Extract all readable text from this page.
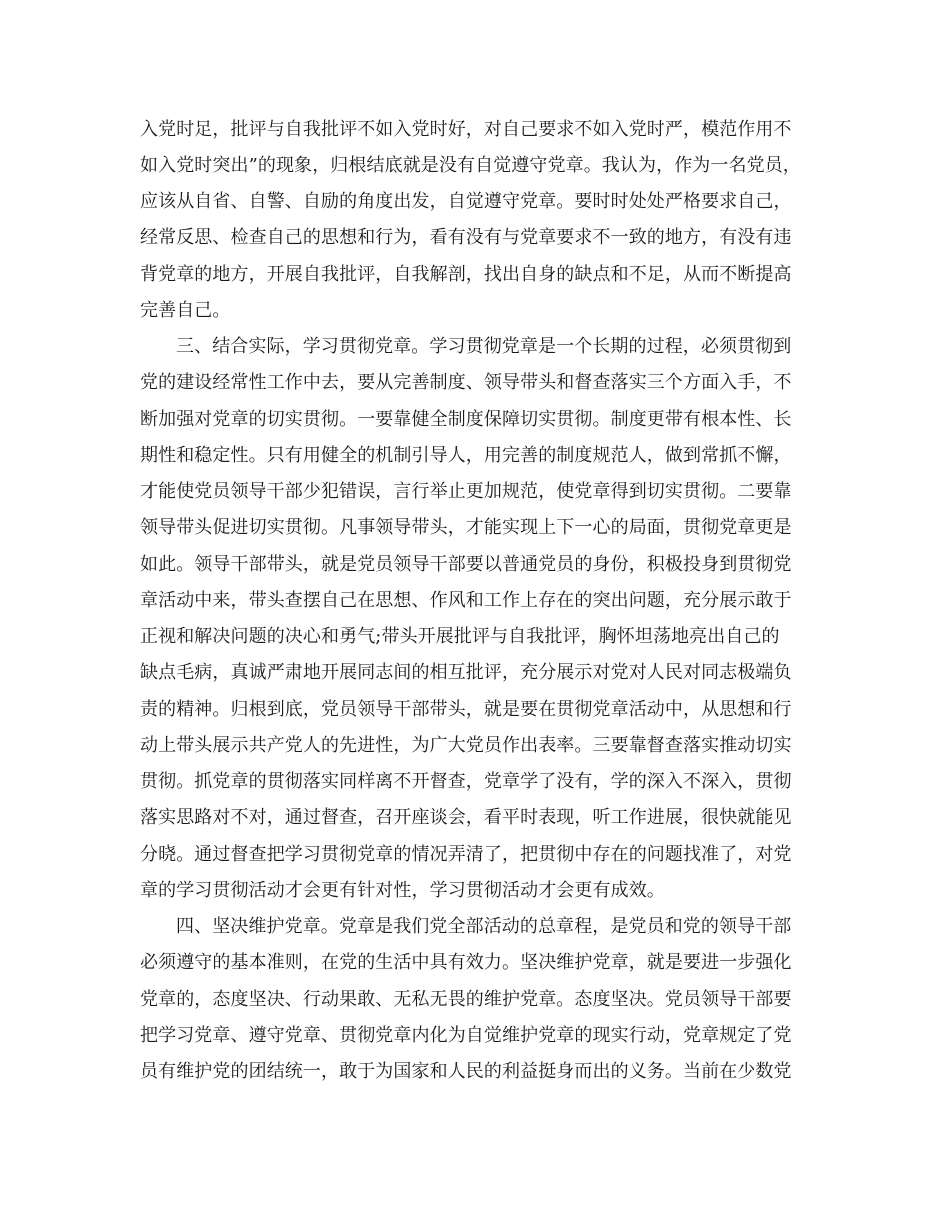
入党时足，批评与自我批评不如入党时好，对自己要求不如入党时严，模范作用不
如入党时突出”的现象，归根结底就是没有自觉遵守党章。我认为，作为一名党员，
应该从自省、自警、自励的角度出发，自觉遵守党章。要时时处处严格要求自己，
经常反思、检查自己的思想和行为，看有没有与党章要求不一致的地方，有没有违
背党章的地方，开展自我批评，自我解剖，找出自身的缺点和不足，从而不断提高
完善自己。
三、结合实际，学习贯彻党章。学习贯彻党章是一个长期的过程，必须贯彻到
党的建设经常性工作中去，要从完善制度、领导带头和督查落实三个方面入手，不
断加强对党章的切实贯彻。一要靠健全制度保障切实贯彻。制度更带有根本性、长
期性和稳定性。只有用健全的机制引导人，用完善的制度规范人，做到常抓不懈，
才能使党员领导干部少犯错误，言行举止更加规范，使党章得到切实贯彻。二要靠
领导带头促进切实贯彻。凡事领导带头，才能实现上下一心的局面，贯彻党章更是
如此。领导干部带头，就是党员领导干部要以普通党员的身份，积极投身到贯彻党
章活动中来，带头查摆自己在思想、作风和工作上存在的突出问题，充分展示敢于
正视和解决问题的决心和勇气;带头开展批评与自我批评，胸怀坦荡地亮出自己的
缺点毛病，真诚严肃地开展同志间的相互批评，充分展示对党对人民对同志极端负
责的精神。归根到底，党员领导干部带头，就是要在贯彻党章活动中，从思想和行
动上带头展示共产党人的先进性，为广大党员作出表率。三要靠督查落实推动切实
贯彻。抓党章的贯彻落实同样离不开督查，党章学了没有，学的深入不深入，贯彻
落实思路对不对，通过督查，召开座谈会，看平时表现，听工作进展，很快就能见
分晓。通过督查把学习贯彻党章的情况弄清了，把贯彻中存在的问题找准了，对党
章的学习贯彻活动才会更有针对性，学习贯彻活动才会更有成效。
四、坚决维护党章。党章是我们党全部活动的总章程，是党员和党的领导干部
必须遵守的基本准则，在党的生活中具有效力。坚决维护党章，就是要进一步强化
党章的，态度坚决、行动果敢、无私无畏的维护党章。态度坚决。党员领导干部要
把学习党章、遵守党章、贯彻党章内化为自觉维护党章的现实行动，党章规定了党
员有维护党的团结统一，敢于为国家和人民的利益挺身而出的义务。当前在少数党
